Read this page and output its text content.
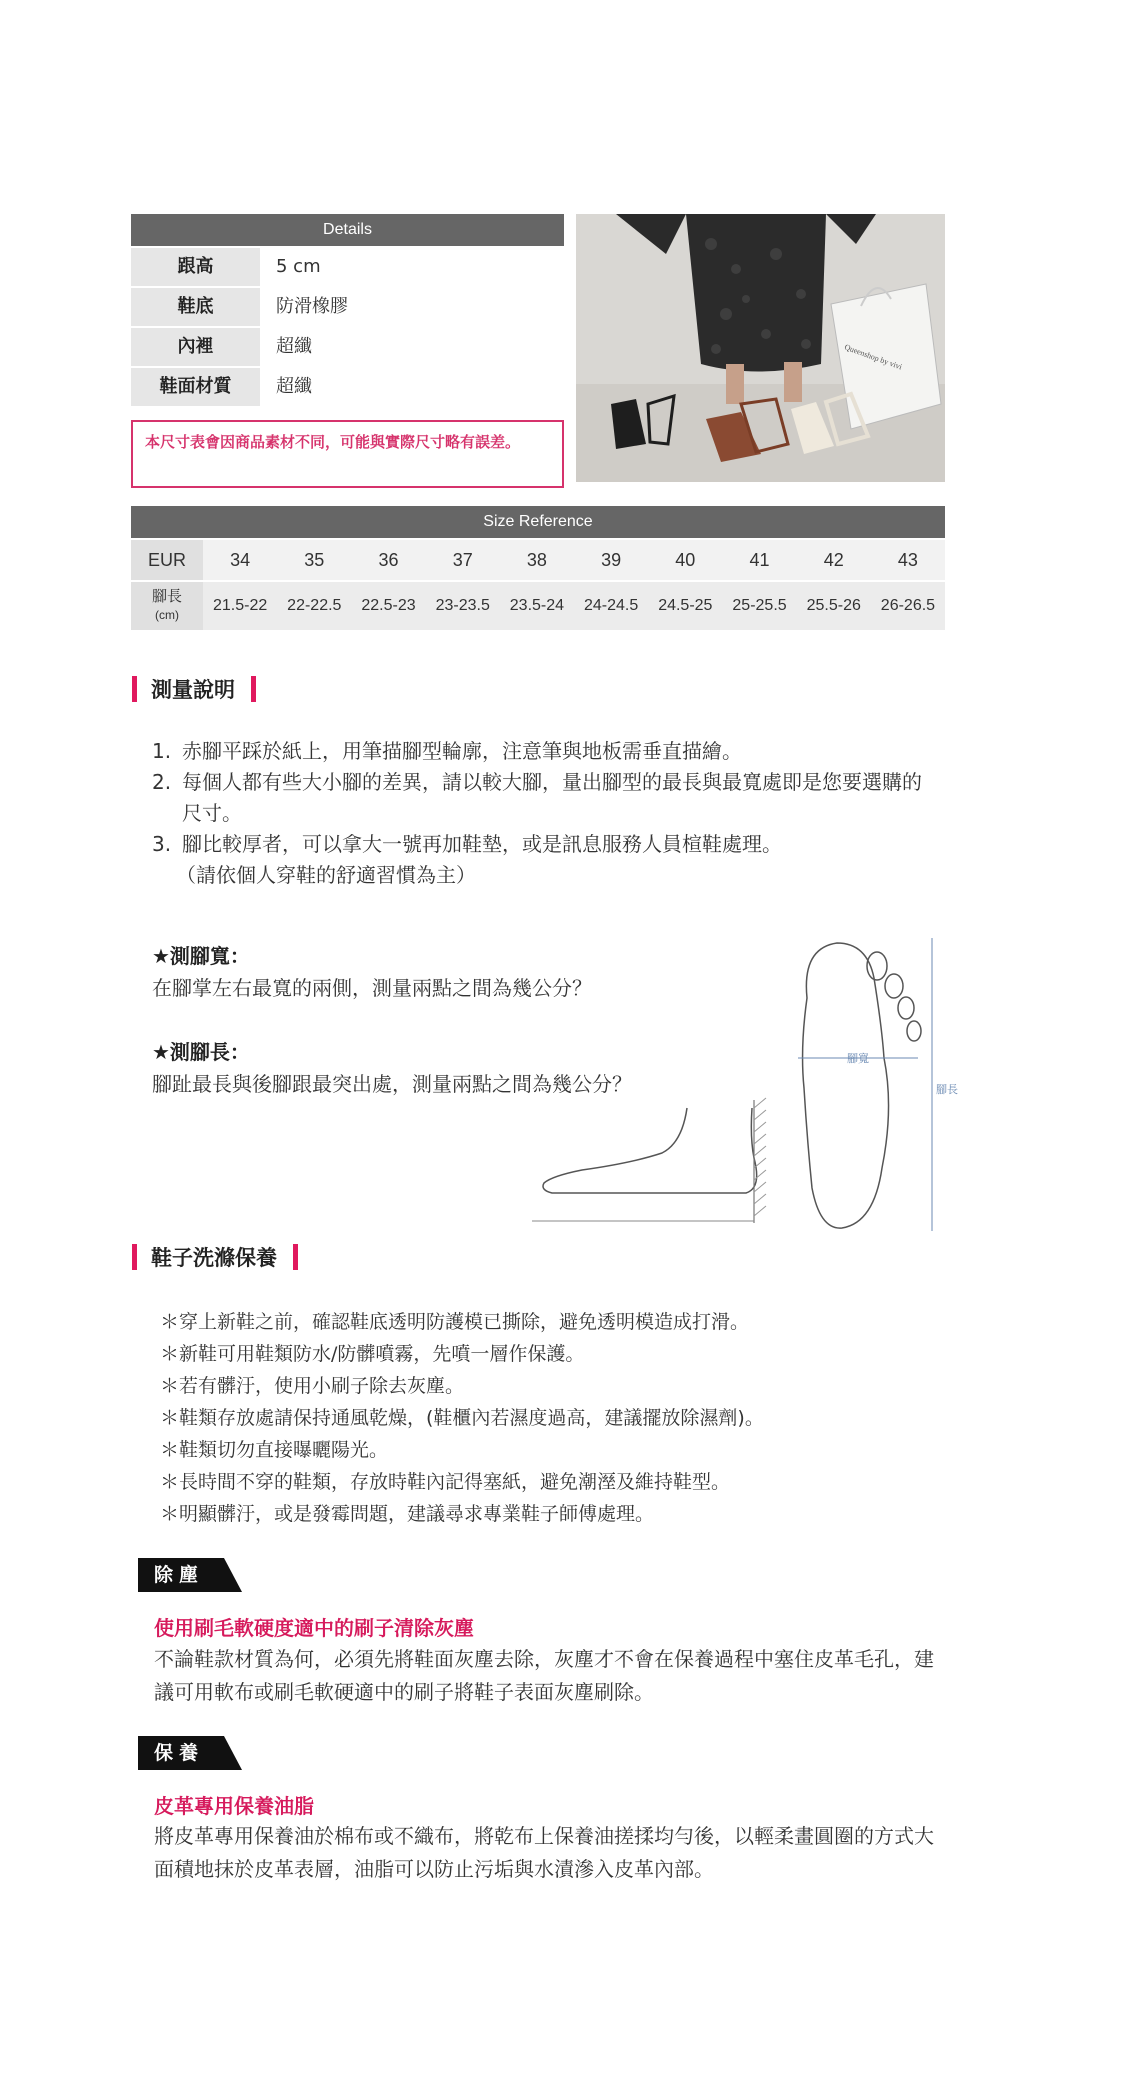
Details
跟高	5 cm
鞋底	防滑橡膠
內裡	超纖
鞋面材質	超纖
本尺寸表會因商品素材不同，可能與實際尺寸略有誤差。
Queenshop by vivi
Size Reference
EUR	34	35	36	37	38	39	40	41	42	43
腳長
(cm)
21.5-22	22-22.5	22.5-23	23-23.5	23.5-24	24-24.5	24.5-25	25-25.5	25.5-26	26-26.5
測量說明
1. 赤腳平踩於紙上，用筆描腳型輪廓，注意筆與地板需垂直描繪。
2. 每個人都有些大小腳的差異，請以較大腳，量出腳型的最長與最寬處即是您要選購的尺寸。
3. 腳比較厚者，可以拿大一號再加鞋墊，或是訊息服務人員楦鞋處理。
（請依個人穿鞋的舒適習慣為主）
★測腳寬：
在腳掌左右最寬的兩側，測量兩點之間為幾公分？
★測腳長：
腳趾最長與後腳跟最突出處，測量兩點之間為幾公分？
腳寬
腳長
鞋子洗滌保養
＊穿上新鞋之前，確認鞋底透明防護模已撕除，避免透明模造成打滑。
＊新鞋可用鞋類防水/防髒噴霧，先噴一層作保護。
＊若有髒汙，使用小刷子除去灰塵。
＊鞋類存放處請保持通風乾燥，(鞋櫃內若濕度過高，建議擺放除濕劑)。
＊鞋類切勿直接曝曬陽光。
＊長時間不穿的鞋類，存放時鞋內記得塞紙，避免潮溼及維持鞋型。
＊明顯髒汙，或是發霉問題，建議尋求專業鞋子師傅處理。
除塵
使用刷毛軟硬度適中的刷子清除灰塵
不論鞋款材質為何，必須先將鞋面灰塵去除，灰塵才不會在保養過程中塞住皮革毛孔，建議可用軟布或刷毛軟硬適中的刷子將鞋子表面灰塵刷除。
保養
皮革專用保養油脂
將皮革專用保養油於棉布或不織布，將乾布上保養油搓揉均勻後，以輕柔畫圓圈的方式大面積地抹於皮革表層，油脂可以防止污垢與水漬滲入皮革內部。
